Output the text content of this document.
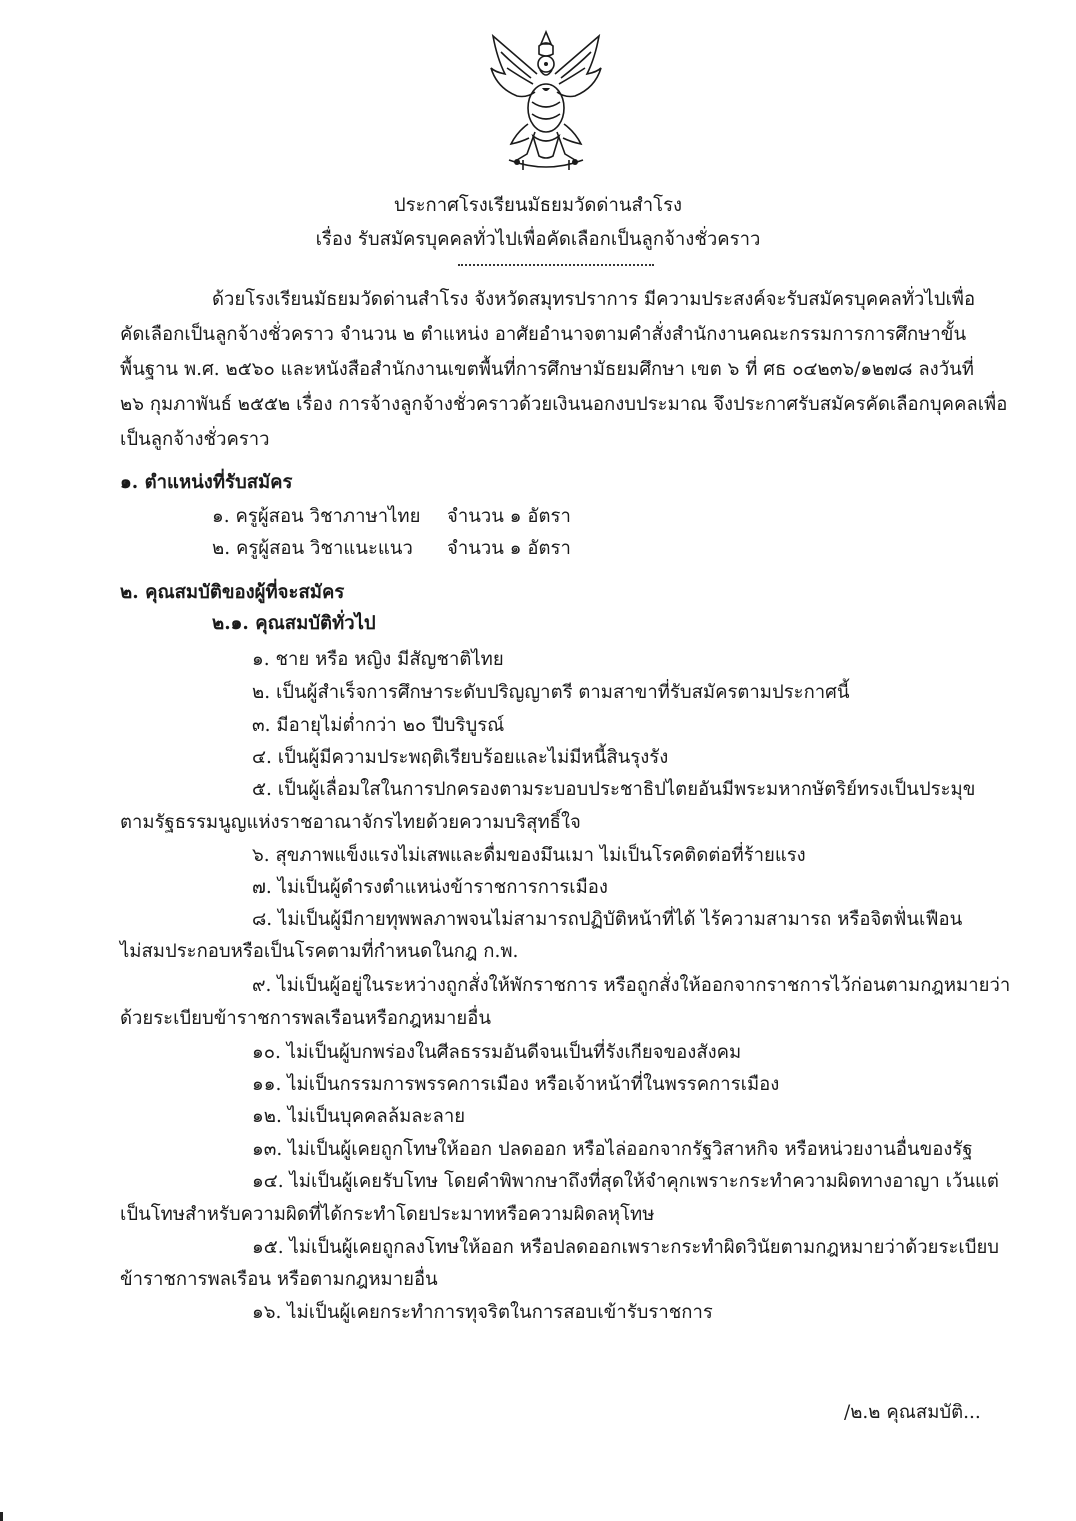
ประกาศโรงเรียนมัธยมวัดด่านสำโรง
เรื่อง รับสมัครบุคคลทั่วไปเพื่อคัดเลือกเป็นลูกจ้างชั่วคราว
ด้วยโรงเรียนมัธยมวัดด่านสำโรง จังหวัดสมุทรปราการ มีความประสงค์จะรับสมัครบุคคลทั่วไปเพื่อ
คัดเลือกเป็นลูกจ้างชั่วคราว จำนวน ๒ ตำแหน่ง อาศัยอำนาจตามคำสั่งสำนักงานคณะกรรมการการศึกษาขั้น
พื้นฐาน พ.ศ. ๒๕๖๐ และหนังสือสำนักงานเขตพื้นที่การศึกษามัธยมศึกษา เขต ๖ ที่ ศธ ๐๔๒๓๖/๑๒๗๘ ลงวันที่
๒๖ กุมภาพันธ์ ๒๕๕๒ เรื่อง การจ้างลูกจ้างชั่วคราวด้วยเงินนอกงบประมาณ จึงประกาศรับสมัครคัดเลือกบุคคลเพื่อ
เป็นลูกจ้างชั่วคราว
๑. ตำแหน่งที่รับสมัคร
๑. ครูผู้สอน วิชาภาษาไทย จำนวน ๑ อัตรา
๒. ครูผู้สอน วิชาแนะแนว จำนวน ๑ อัตรา
๒. คุณสมบัติของผู้ที่จะสมัคร
๒.๑. คุณสมบัติทั่วไป
๑. ชาย หรือ หญิง มีสัญชาติไทย
๒. เป็นผู้สำเร็จการศึกษาระดับปริญญาตรี ตามสาขาที่รับสมัครตามประกาศนี้
๓. มีอายุไม่ต่ำกว่า ๒๐ ปีบริบูรณ์
๔. เป็นผู้มีความประพฤติเรียบร้อยและไม่มีหนี้สินรุงรัง
๕. เป็นผู้เลื่อมใสในการปกครองตามระบอบประชาธิปไตยอันมีพระมหากษัตริย์ทรงเป็นประมุข
ตามรัฐธรรมนูญแห่งราชอาณาจักรไทยด้วยความบริสุทธิ์ใจ
๖. สุขภาพแข็งแรงไม่เสพและดื่มของมึนเมา ไม่เป็นโรคติดต่อที่ร้ายแรง
๗. ไม่เป็นผู้ดำรงตำแหน่งข้าราชการการเมือง
๘. ไม่เป็นผู้มีกายทุพพลภาพจนไม่สามารถปฏิบัติหน้าที่ได้ ไร้ความสามารถ หรือจิตฟั่นเฟือน
ไม่สมประกอบหรือเป็นโรคตามที่กำหนดในกฎ ก.พ.
๙. ไม่เป็นผู้อยู่ในระหว่างถูกสั่งให้พักราชการ หรือถูกสั่งให้ออกจากราชการไว้ก่อนตามกฎหมายว่า
ด้วยระเบียบข้าราชการพลเรือนหรือกฎหมายอื่น
๑๐. ไม่เป็นผู้บกพร่องในศีลธรรมอันดีจนเป็นที่รังเกียจของสังคม
๑๑. ไม่เป็นกรรมการพรรคการเมือง หรือเจ้าหน้าที่ในพรรคการเมือง
๑๒. ไม่เป็นบุคคลล้มละลาย
๑๓. ไม่เป็นผู้เคยถูกโทษให้ออก ปลดออก หรือไล่ออกจากรัฐวิสาหกิจ หรือหน่วยงานอื่นของรัฐ
๑๔. ไม่เป็นผู้เคยรับโทษ โดยคำพิพากษาถึงที่สุดให้จำคุกเพราะกระทำความผิดทางอาญา เว้นแต่
เป็นโทษสำหรับความผิดที่ได้กระทำโดยประมาทหรือความผิดลหุโทษ
๑๕. ไม่เป็นผู้เคยถูกลงโทษให้ออก หรือปลดออกเพราะกระทำผิดวินัยตามกฎหมายว่าด้วยระเบียบ
ข้าราชการพลเรือน หรือตามกฎหมายอื่น
๑๖. ไม่เป็นผู้เคยกระทำการทุจริตในการสอบเข้ารับราชการ
/๒.๒ คุณสมบัติ...
